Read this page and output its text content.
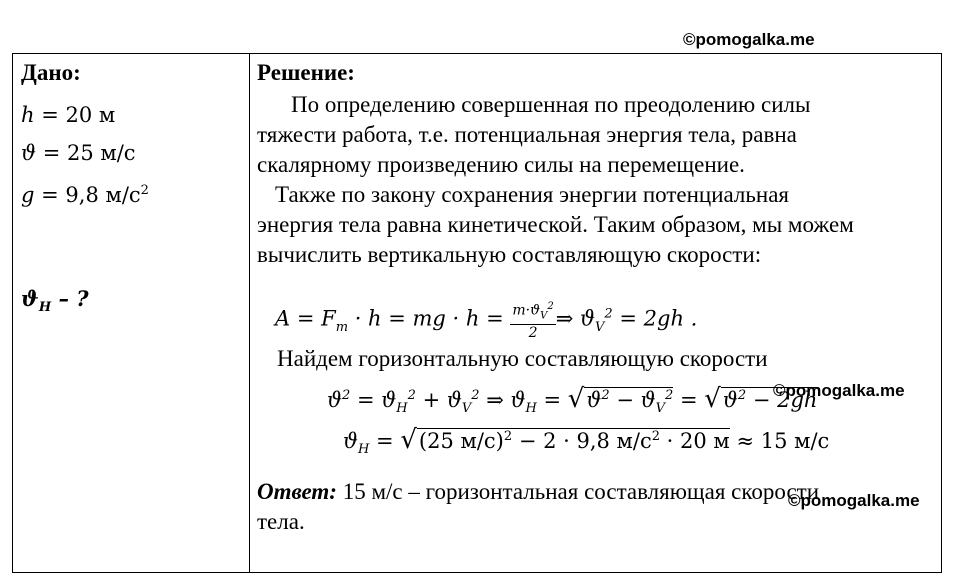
©pomogalka.me
©pomogalka.me
©pomogalka.me
Дано:
h = 20 м
ϑ = 25 м/с
g = 9,8 $м/с^2$
$ϑ_H$ – ?
Решение:
По определению совершенная по преодолению силы
тяжести работа, т.е. потенциальная энергия тела, равна
скалярному произведению силы на перемещение.
Также по закону сохранения энергии потенциальная
энергия тела равна кинетической. Таким образом, мы можем
вычислить вертикальную составляющую скорости:
$A = F_т \cdot h$ = mg · $h = \frac{m\cdot ϑ_V^2}{2}$ ⇒ $ϑ_V^2 = 2gh$ .
Найдем горизонтальную составляющую скорости
$ϑ^2 = ϑ_H^2 + ϑ_V^2$ ⇒ $ϑ_H = √ϑ^2 - ϑ_V^2 = √ϑ^2 - 2gh$
$ϑ_H = √(25$ м/с)$^2$ − 2 · 9,8 $м/с^2 \cdot 20$ м ≈ 15 м/с
Ответ: 15 м/с – горизонтальная составляющая скорости
тела.
